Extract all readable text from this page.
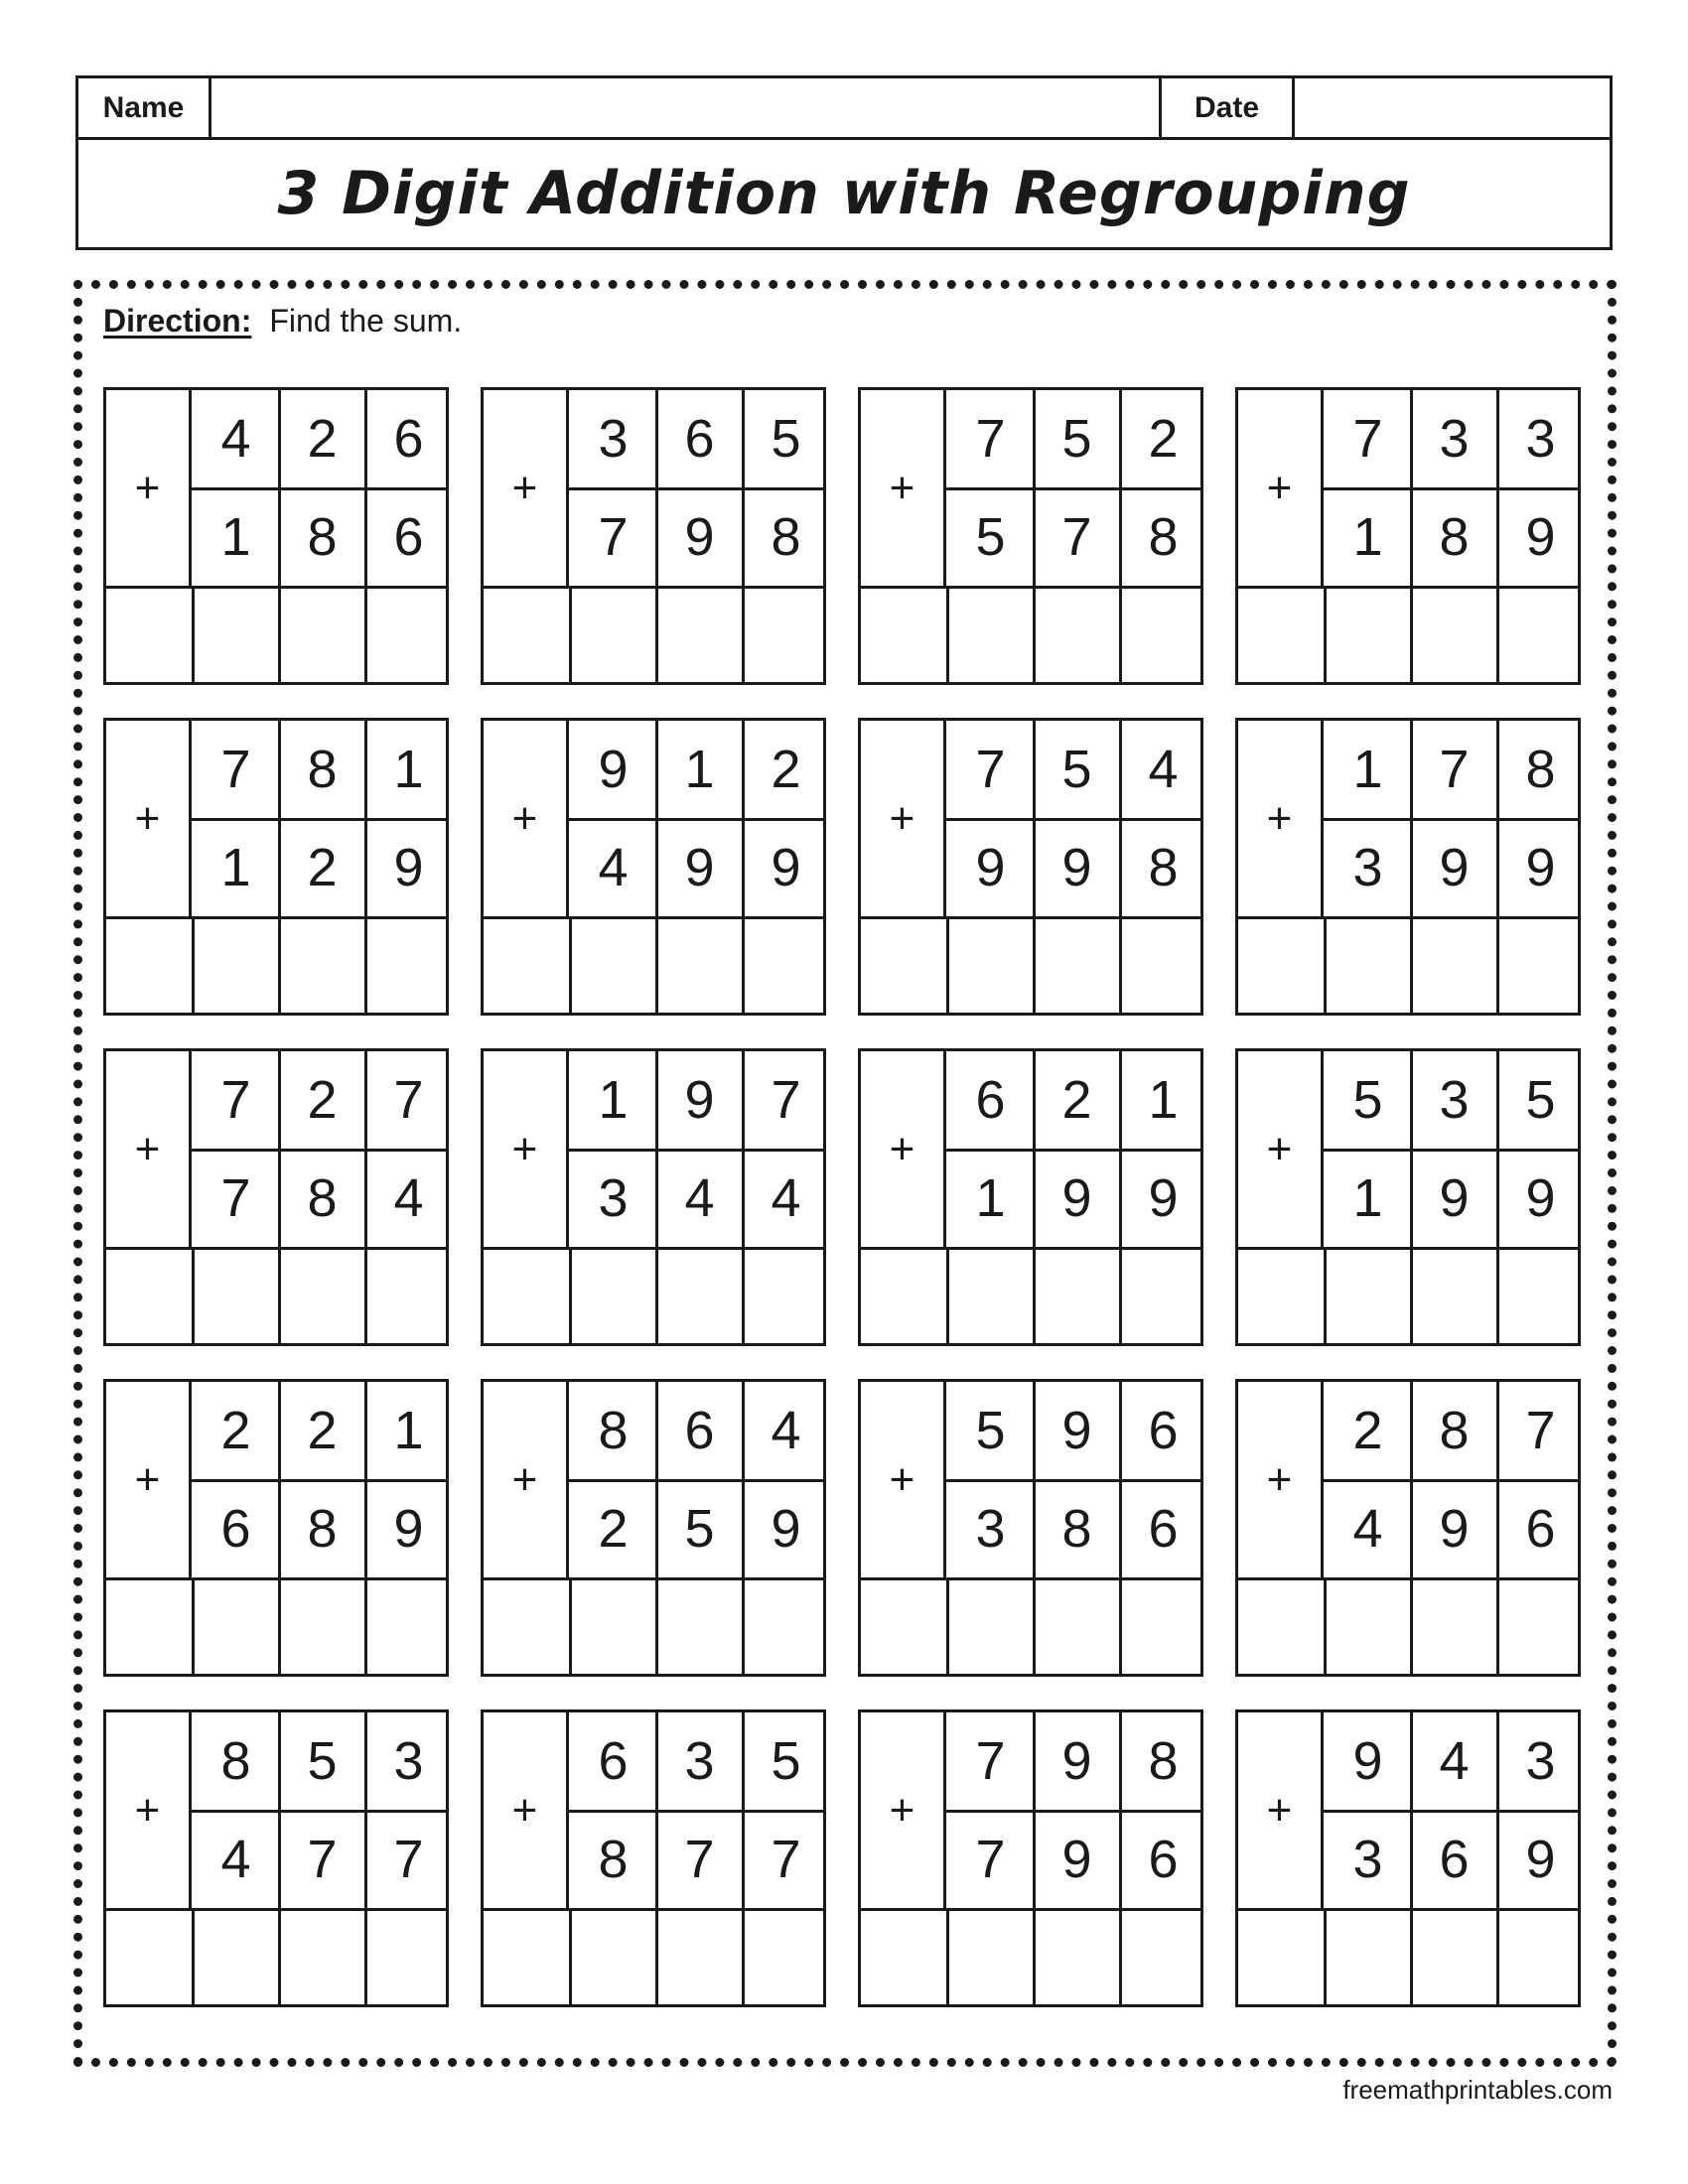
Name	Date
3 Digit Addition with Regrouping
Direction: Find the sum.
+
4	2	6
1	8	6
+
3	6	5
7	9	8
+
7	5	2
5	7	8
+
7	3	3
1	8	9
+
7	8	1
1	2	9
+
9	1	2
4	9	9
+
7	5	4
9	9	8
+
1	7	8
3	9	9
+
7	2	7
7	8	4
+
1	9	7
3	4	4
+
6	2	1
1	9	9
+
5	3	5
1	9	9
+
2	2	1
6	8	9
+
8	6	4
2	5	9
+
5	9	6
3	8	6
+
2	8	7
4	9	6
+
8	5	3
4	7	7
+
6	3	5
8	7	7
+
7	9	8
7	9	6
+
9	4	3
3	6	9
freemathprintables.com
